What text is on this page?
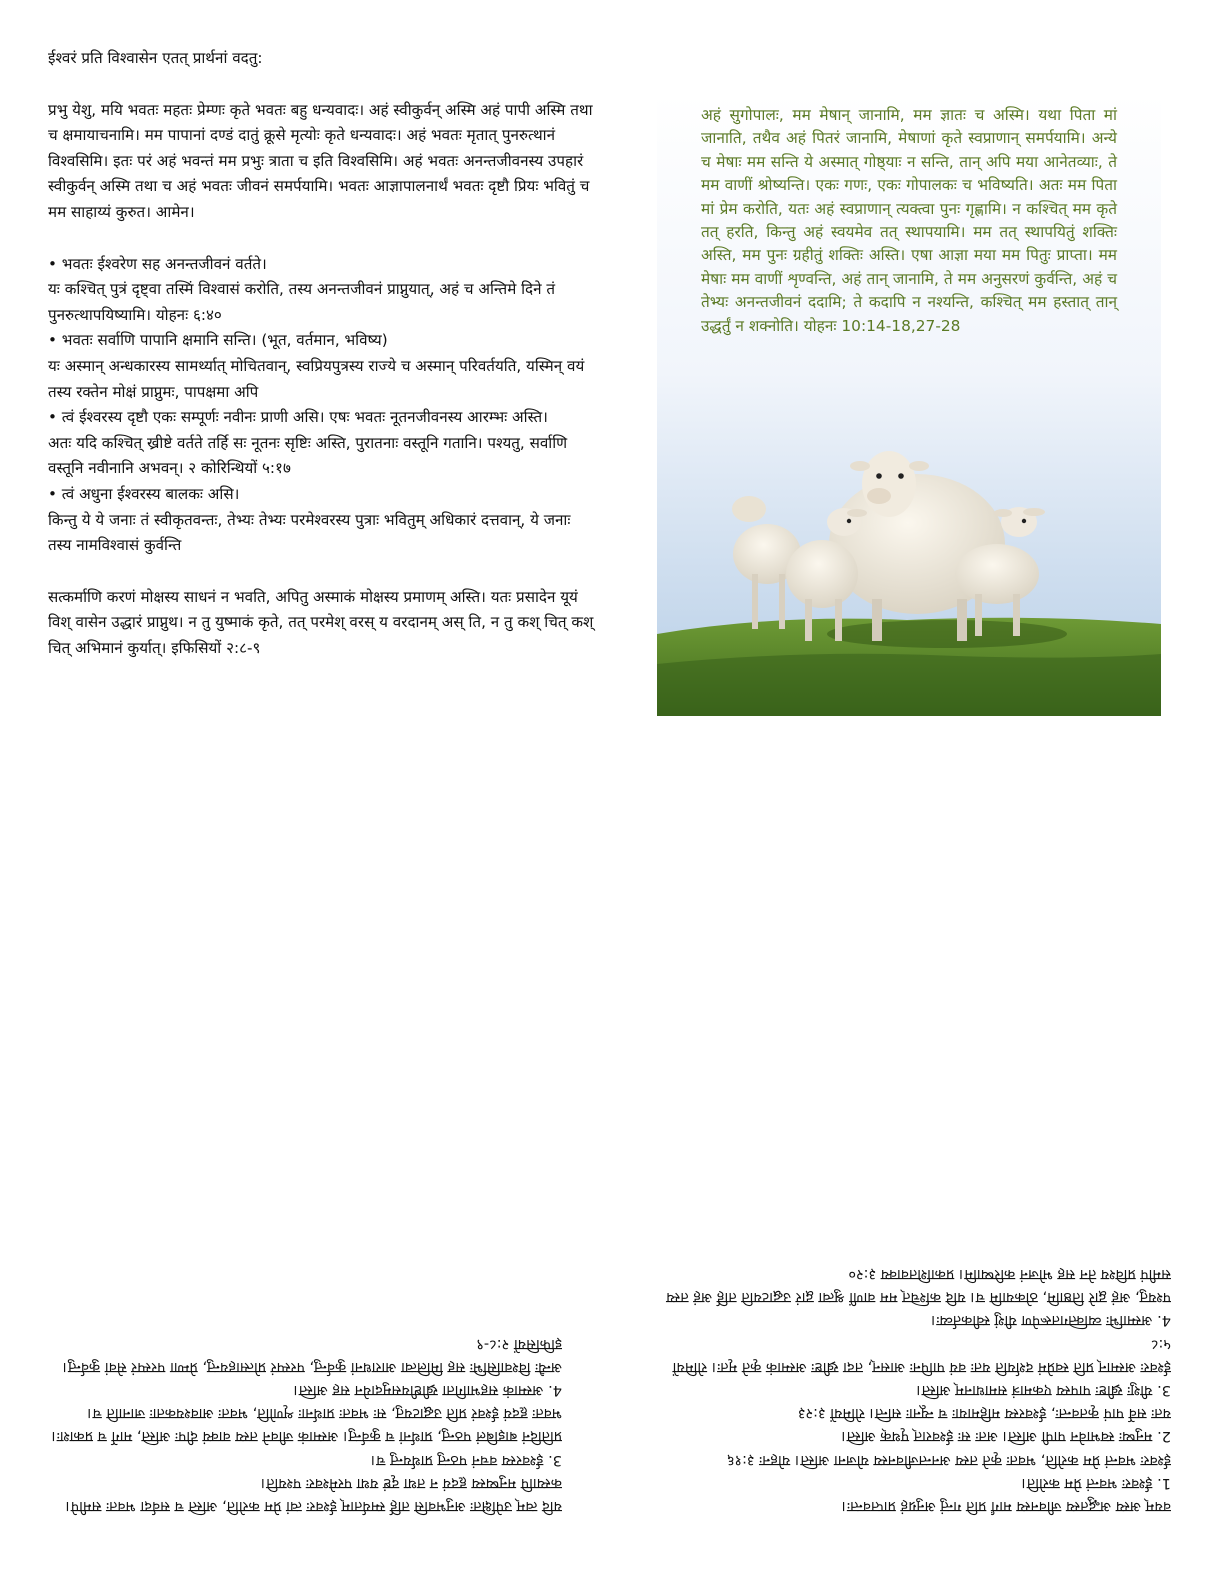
ईश्वरं प्रति विश्वासेन एतत् प्रार्थनां वदतु:

प्रभु येशु, मयि भवतः महतः प्रेम्णः कृते भवतः बहु धन्यवादः। अहं स्वीकुर्वन् अस्मि अहं पापी अस्मि तथा च क्षमायाचनामि। मम पापानां दण्डं दातुं क्रूसे मृत्योः कृते धन्यवादः। अहं भवतः मृतात् पुनरुत्थानं विश्वसिमि। इतः परं अहं भवन्तं मम प्रभुः त्राता च इति विश्वसिमि। अहं भवतः अनन्तजीवनस्य उपहारं स्वीकुर्वन् अस्मि तथा च अहं भवतः जीवनं समर्पयामि। भवतः आज्ञापालनार्थं भवतः दृष्टौ प्रियः भवितुं च मम साहाय्यं कुरुत। आमेन।

• भवतः ईश्वरेण सह अनन्तजीवनं वर्तते।

यः कश्चित् पुत्रं दृष्ट्वा तस्मिं विश्वासं करोति, तस्य अनन्तजीवनं प्राप्नुयात्, अहं च अन्तिमे दिने तं पुनरुत्थापयिष्यामि। योहनः ६:४०

• भवतः सर्वाणि पापानि क्षमानि सन्ति। (भूत, वर्तमान, भविष्य)

यः अस्मान् अन्धकारस्य सामर्थ्यात् मोचितवान्, स्वप्रियपुत्रस्य राज्ये च अस्मान् परिवर्तयति, यस्मिन् वयं तस्य रक्तेन मोक्षं प्राप्नुमः, पापक्षमा अपि

• त्वं ईश्वरस्य दृष्टौ एकः सम्पूर्णः नवीनः प्राणी असि। एषः भवतः नूतनजीवनस्य आरम्भः अस्ति।

अतः यदि कश्चित् ख्रीष्टे वर्तते तर्हि सः नूतनः सृष्टिः अस्ति, पुरातनाः वस्तूनि गतानि। पश्यतु, सर्वाणि वस्तूनि नवीनानि अभवन्। २ कोरिन्थियों ५:१७

• त्वं अधुना ईश्वरस्य बालकः असि।

किन्तु ये ये जनाः तं स्वीकृतवन्तः, तेभ्यः तेभ्यः परमेश्वरस्य पुत्राः भवितुम् अधिकारं दत्तवान्, ये जनाः तस्य नामविश्वासं कुर्वन्ति

सत्कर्माणि करणं मोक्षस्य साधनं न भवति, अपितु अस्माकं मोक्षस्य प्रमाणम् अस्ति। यतः प्रसादेन यूयं विश् वासेन उद्धारं प्राप्नुथ। न तु युष्माकं कृते, तत् परमेश् वरस् य वरदानम् अस् ति, न तु कश् चित् कश् चित् अभिमानं कुर्यात्। इफिसियों २:८-९

अहं सुगोपालः, मम मेषान् जानामि, मम ज्ञातः च अस्मि। यथा पिता मां जानाति, तथैव अहं पितरं जानामि, मेषाणां कृते स्वप्राणान् समर्पयामि। अन्ये च मेषाः मम सन्ति ये अस्मात् गोष्ठ्याः न सन्ति, तान् अपि मया आनेतव्याः, ते मम वाणीं श्रोष्यन्ति। एकः गणः, एकः गोपालकः च भविष्यति। अतः मम पिता मां प्रेम करोति, यतः अहं स्वप्राणान् त्यक्त्वा पुनः गृह्णामि। न कश्चित् मम कृते तत् हरति, किन्तु अहं स्वयमेव तत् स्थापयामि। मम तत् स्थापयितुं शक्तिः अस्ति, मम पुनः ग्रहीतुं शक्तिः अस्ति। एषा आज्ञा मया मम पितुः प्राप्ता। मम मेषाः मम वाणीं शृण्वन्ति, अहं तान् जानामि, ते मम अनुसरणं कुर्वन्ति, अहं च तेभ्यः अनन्तजीवनं ददामि; ते कदापि न नश्यन्ति, कश्चित् मम हस्तात् तान् उद्धर्तुं न शक्नोति। योहनः 10:14-18,27-28

यदि त्वम् उपेक्षितः अनुभवसि तर्हि स्मर्यताम् ईश्वरः त्वां प्रेम करोति, अस्ति च सर्वदा भवतः समीपे।

कस्यापि मनुष्यस्य हृदयं न तथा दृष्टं यथा परमेश्वरः पश्यति।

3. ईश्वरस्य वचनं पठन्तु प्रार्थयन्तु च।

प्रतिदिनं बाइबिलं पठन्तु, प्रार्थनां च कुर्वन्तु। अस्माकं जीवने तस्य वाक्यं दीपः अस्ति, मार्गे च प्रकाशः।

भवतः हृदयं ईश्वरं प्रति उद्घाटयतु, सः भवतः प्रार्थनाः शृणोति, भवतः आवश्यकताः जानाति च।

4. अस्माकं सहभागिता ख्रीष्टीयसमुदायेन सह अस्ति।

अन्यैः विश्वासिभिः सह मिलित्वा आराधनां कुर्वन्तु, परस्परं प्रोत्साहयन्तु, प्रेम्णा परस्परं सेवां कुर्वन्तु। इफिसियों २:८-९

वयम् अस्य अद्भुतस्य जीवनस्य मार्गं प्रति गन्तुं अनुग्रहं प्राप्तवन्तः।

1. ईश्वरः भवन्तं प्रेम करोति।

ईश्वरः भवन्तं प्रेम करोति, भवतः कृते तस्य अनन्तजीवनस्य योजना अस्ति। योहनः ३:१६

2. मनुष्यः स्वभावेन पापी अस्ति। अतः सः ईश्वरात् पृथक् अस्ति।

यतः सर्वे पापं कृतवन्तः, ईश्वरस्य महिमायाः च न्यूनाः सन्ति। रोमियों ३:२३

3. यीशुः ख्रीष्टः पापस्य एकमात्रं समाधानम् अस्ति।

ईश्वरः अस्मान् प्रति स्वप्रेमं दर्शयति यतः वयं पापिनः आसन्, तदा ख्रीष्टः अस्माकं कृते मृतः। रोमियों ५:८

4. अस्माभिः व्यक्तिगतरूपेण यीशुं स्वीकर्तव्यः।

पश्यतु, अहं द्वारे तिष्ठामि, ठोकयामि च। यदि कश्चित् मम वाणीं श्रुत्वा द्वारं उद्घाटयति तर्हि अहं तस्य समीपं प्रविश्य तेन सह भोजनं करिष्यामि। प्रकाशितवाक्य ३:२०
